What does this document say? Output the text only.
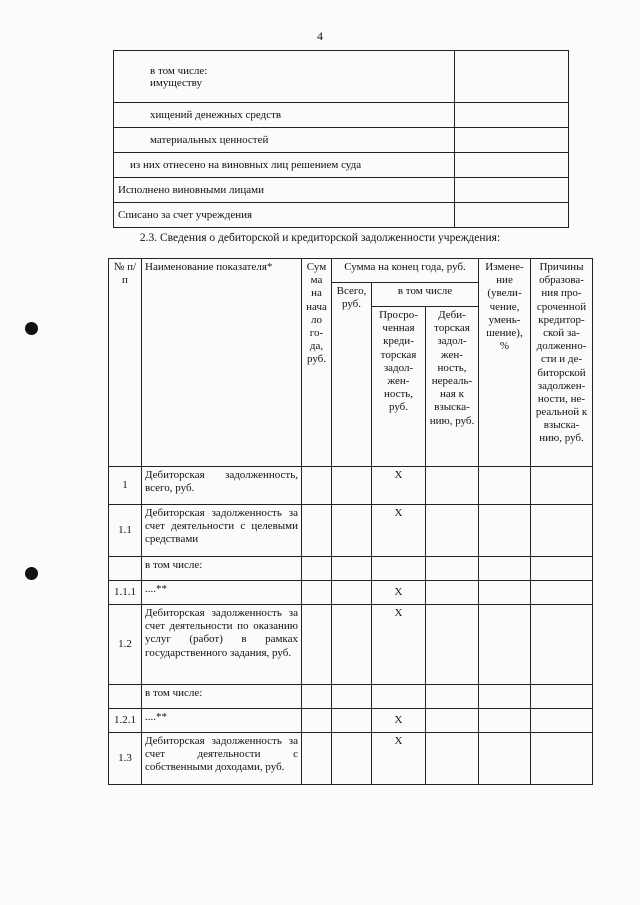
4
в том числе:
имуществу	

хищений денежных средств	

материальных ценностей	

из них отнесено на виновных лиц решением суда	

Исполнено виновными лицами	

Списано за счет учреждения	

2.3. Сведения о дебиторской и кредиторской задолженности учреждения:
№ п/п	Наименование показателя*	Сум ма на нача ло го- да, руб.	Сумма на конец года, руб.			Измене- ние (увели- чение, умень- шение), %	Причины образова- ния про- сроченной кредитор- ской за- долженно- сти и де- биторской задолжен- ности, не- реальной к взыска- нию, руб.
			Всего, руб.	в том числе			
				Просро- ченная креди- торская задол- жен- ность, руб.	Деби- торская задол- жен- ность, нереаль- ная к взыска- нию, руб.		
1	Дебиторская задолженность, всего, руб.			X			
1.1	Дебиторская задолженность за счет деятельности с целевыми средствами			X			
	в том числе:						
1.1.1	....**			X			
1.2	Дебиторская задолженность за счет деятельности по оказанию услуг (работ) в рамках государственного задания, руб.			X			
	в том числе:						
1.2.1	....**			X			
1.3	Дебиторская задолженность за счет деятельности с собственными доходами, руб.			X			
